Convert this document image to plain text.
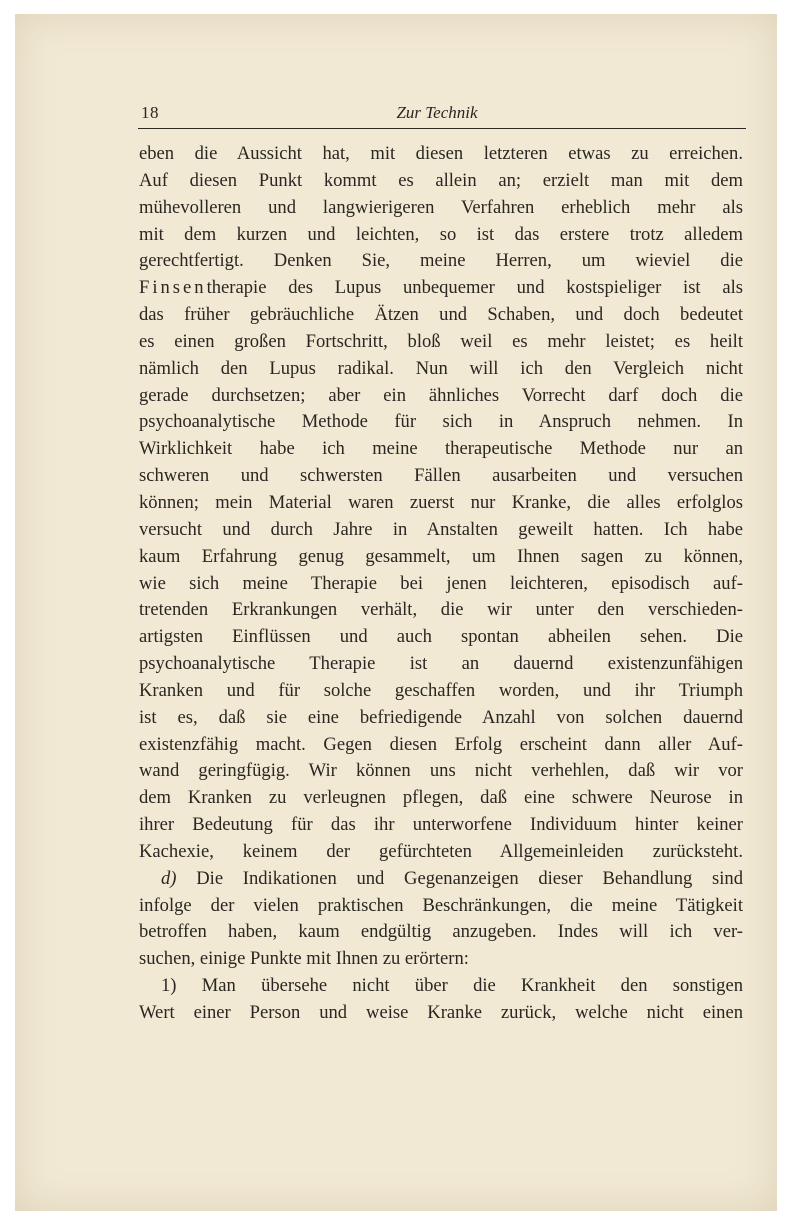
18	Zur Technik
eben die Aussicht hat, mit diesen letzteren etwas zu erreichen.
Auf diesen Punkt kommt es allein an; erzielt man mit dem
mühevolleren und langwierigeren Verfahren erheblich mehr als
mit dem kurzen und leichten, so ist das erstere trotz alledem
gerechtfertigt. Denken Sie, meine Herren, um wieviel die
Finsentherapie des Lupus unbequemer und kostspieliger ist als
das früher gebräuchliche Ätzen und Schaben, und doch bedeutet
es einen großen Fortschritt, bloß weil es mehr leistet; es heilt
nämlich den Lupus radikal. Nun will ich den Vergleich nicht
gerade durchsetzen; aber ein ähnliches Vorrecht darf doch die
psychoanalytische Methode für sich in Anspruch nehmen. In
Wirklichkeit habe ich meine therapeutische Methode nur an
schweren und schwersten Fällen ausarbeiten und versuchen
können; mein Material waren zuerst nur Kranke, die alles erfolglos
versucht und durch Jahre in Anstalten geweilt hatten. Ich habe
kaum Erfahrung genug gesammelt, um Ihnen sagen zu können,
wie sich meine Therapie bei jenen leichteren, episodisch auf-
tretenden Erkrankungen verhält, die wir unter den verschieden-
artigsten Einflüssen und auch spontan abheilen sehen. Die
psychoanalytische Therapie ist an dauernd existenzunfähigen
Kranken und für solche geschaffen worden, und ihr Triumph
ist es, daß sie eine befriedigende Anzahl von solchen dauernd
existenzfähig macht. Gegen diesen Erfolg erscheint dann aller Auf-
wand geringfügig. Wir können uns nicht verhehlen, daß wir vor
dem Kranken zu verleugnen pflegen, daß eine schwere Neurose in
ihrer Bedeutung für das ihr unterworfene Individuum hinter keiner
Kachexie, keinem der gefürchteten Allgemeinleiden zurücksteht.
d) Die Indikationen und Gegenanzeigen dieser Behandlung sind
infolge der vielen praktischen Beschränkungen, die meine Tätigkeit
betroffen haben, kaum endgültig anzugeben. Indes will ich ver-
suchen, einige Punkte mit Ihnen zu erörtern:
1) Man übersehe nicht über die Krankheit den sonstigen
Wert einer Person und weise Kranke zurück, welche nicht einen
